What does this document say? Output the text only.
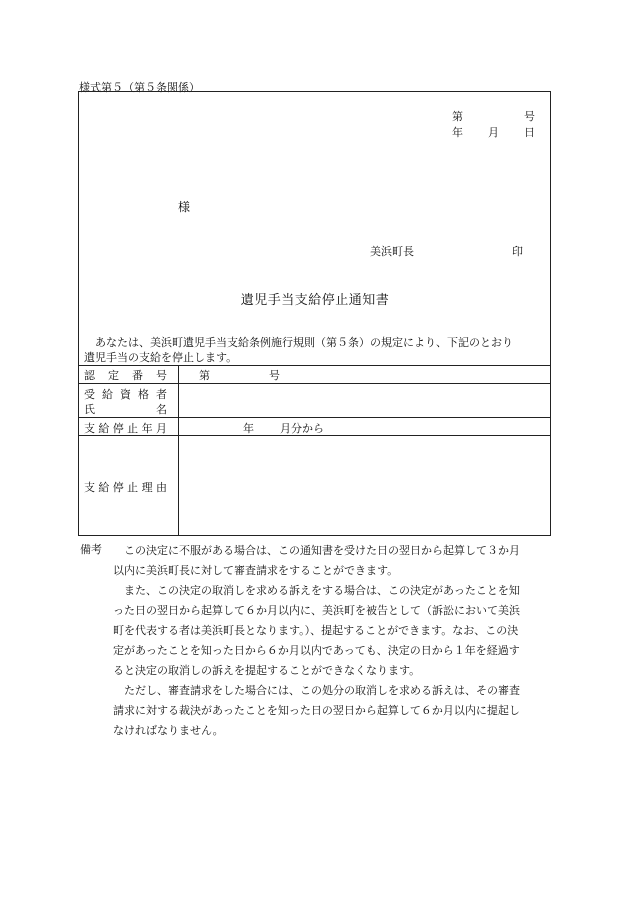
様式第５（第５条関係）
第	号
年 月 日
様
美浜町長	印
遺児手当支給停止通知書

あなたは、美浜町遺児手当支給条例施行規則（第５条）の規定により、下記のとおり

遺児手当の支給を停止します。

認 定 番 号	第	号
受 給 資 格 者
氏	名
支 給 停 止 年 月	年 月分から
支 給 停 止 理 由
備考	この決定に不服がある場合は、この通知書を受けた日の翌日から起算して３か月

以内に美浜町長に対して審査請求をすることができます。

また、この決定の取消しを求める訴えをする場合は、この決定があったことを知

った日の翌日から起算して６か月以内に、美浜町を被告として（訴訟において美浜

町を代表する者は美浜町長となります。）、提起することができます。なお、この決

定があったことを知った日から６か月以内であっても、決定の日から１年を経過す

ると決定の取消しの訴えを提起することができなくなります。

ただし、審査請求をした場合には、この処分の取消しを求める訴えは、その審査

請求に対する裁決があったことを知った日の翌日から起算して６か月以内に提起し

なければなりません。
